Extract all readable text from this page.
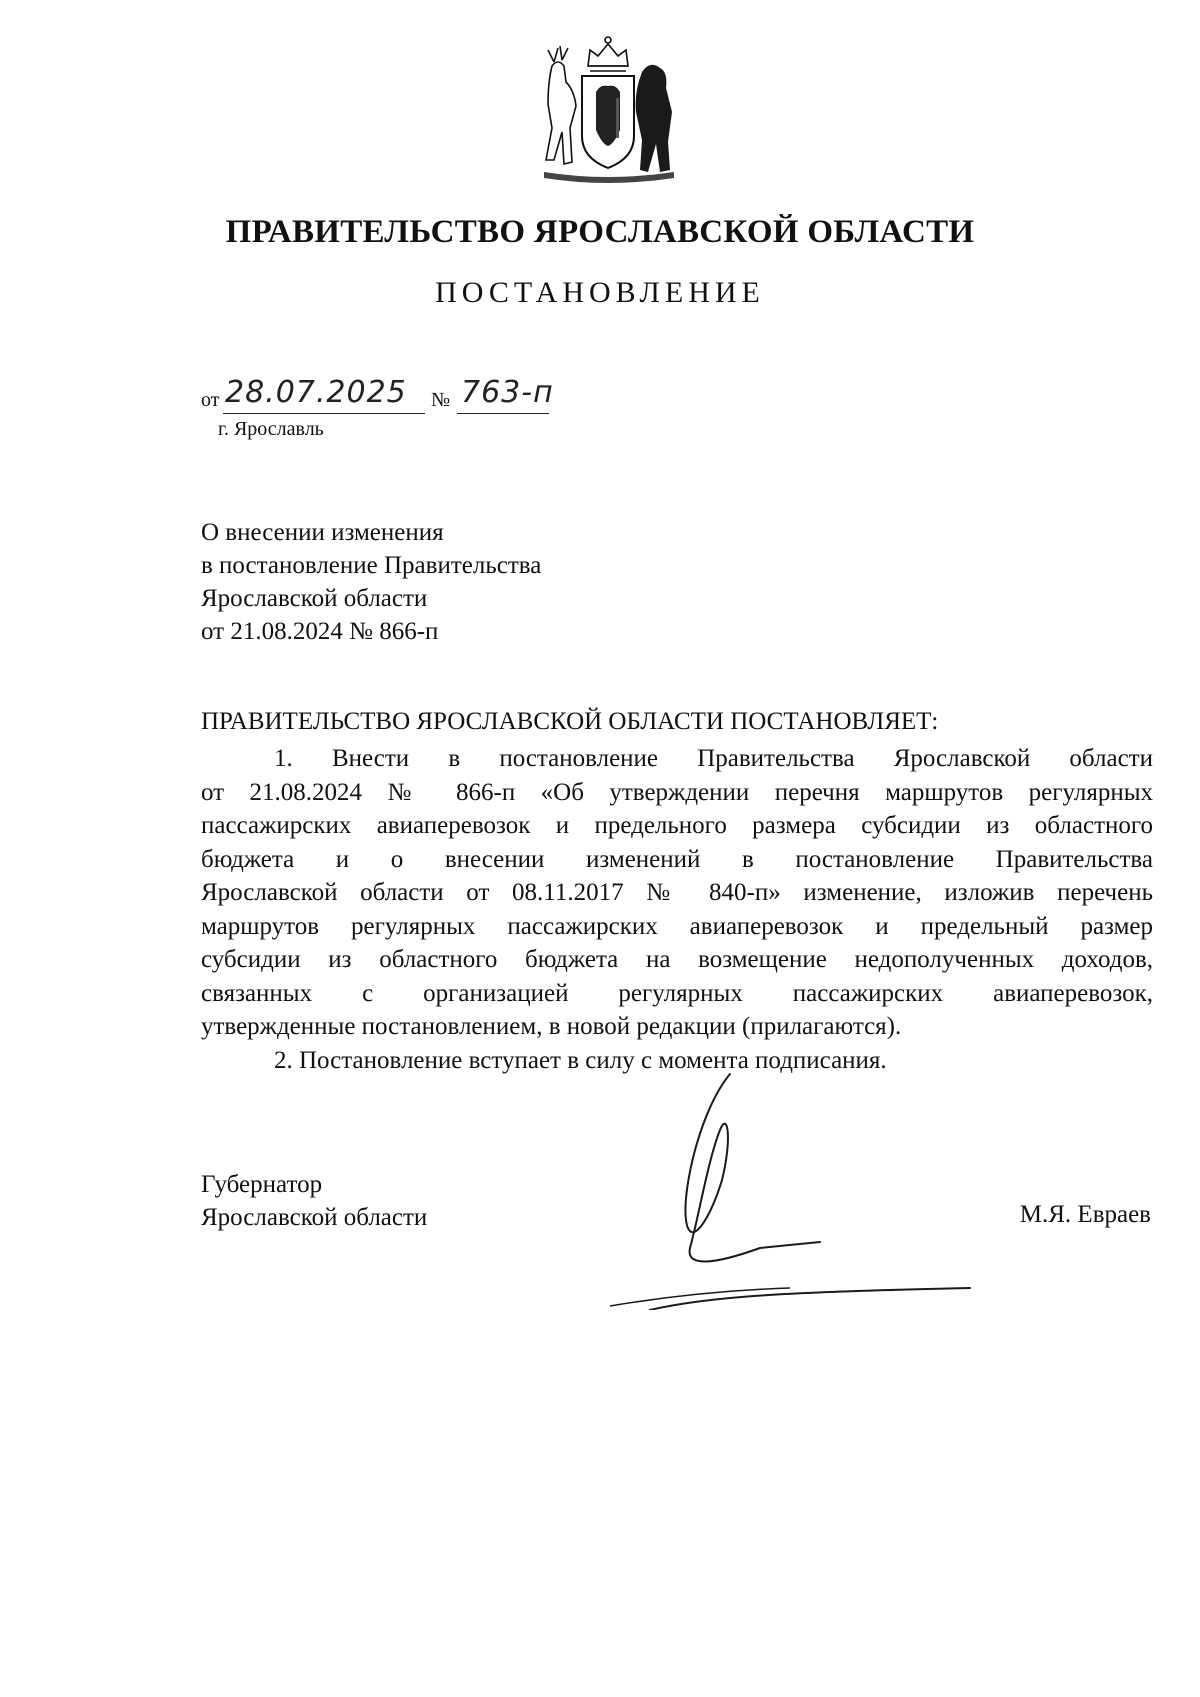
ПРАВИТЕЛЬСТВО ЯРОСЛАВСКОЙ ОБЛАСТИ
ПОСТАНОВЛЕНИЕ
от 28.07.2025 № 763-п
г. Ярославль
О внесении изменения
в постановление Правительства
Ярославской области
от 21.08.2024 № 866-п
ПРАВИТЕЛЬСТВО ЯРОСЛАВСКОЙ ОБЛАСТИ ПОСТАНОВЛЯЕТ:
1. Внести в постановление Правительства Ярославской области
от 21.08.2024 № 866-п «Об утверждении перечня маршрутов регулярных
пассажирских авиаперевозок и предельного размера субсидии из областного
бюджета и о внесении изменений в постановление Правительства
Ярославской области от 08.11.2017 № 840-п» изменение, изложив перечень
маршрутов регулярных пассажирских авиаперевозок и предельный размер
субсидии из областного бюджета на возмещение недополученных доходов,
связанных с организацией регулярных пассажирских авиаперевозок,
утвержденные постановлением, в новой редакции (прилагаются).
2. Постановление вступает в силу с момента подписания.
Губернатор
Ярославской области	М.Я. Евраев
